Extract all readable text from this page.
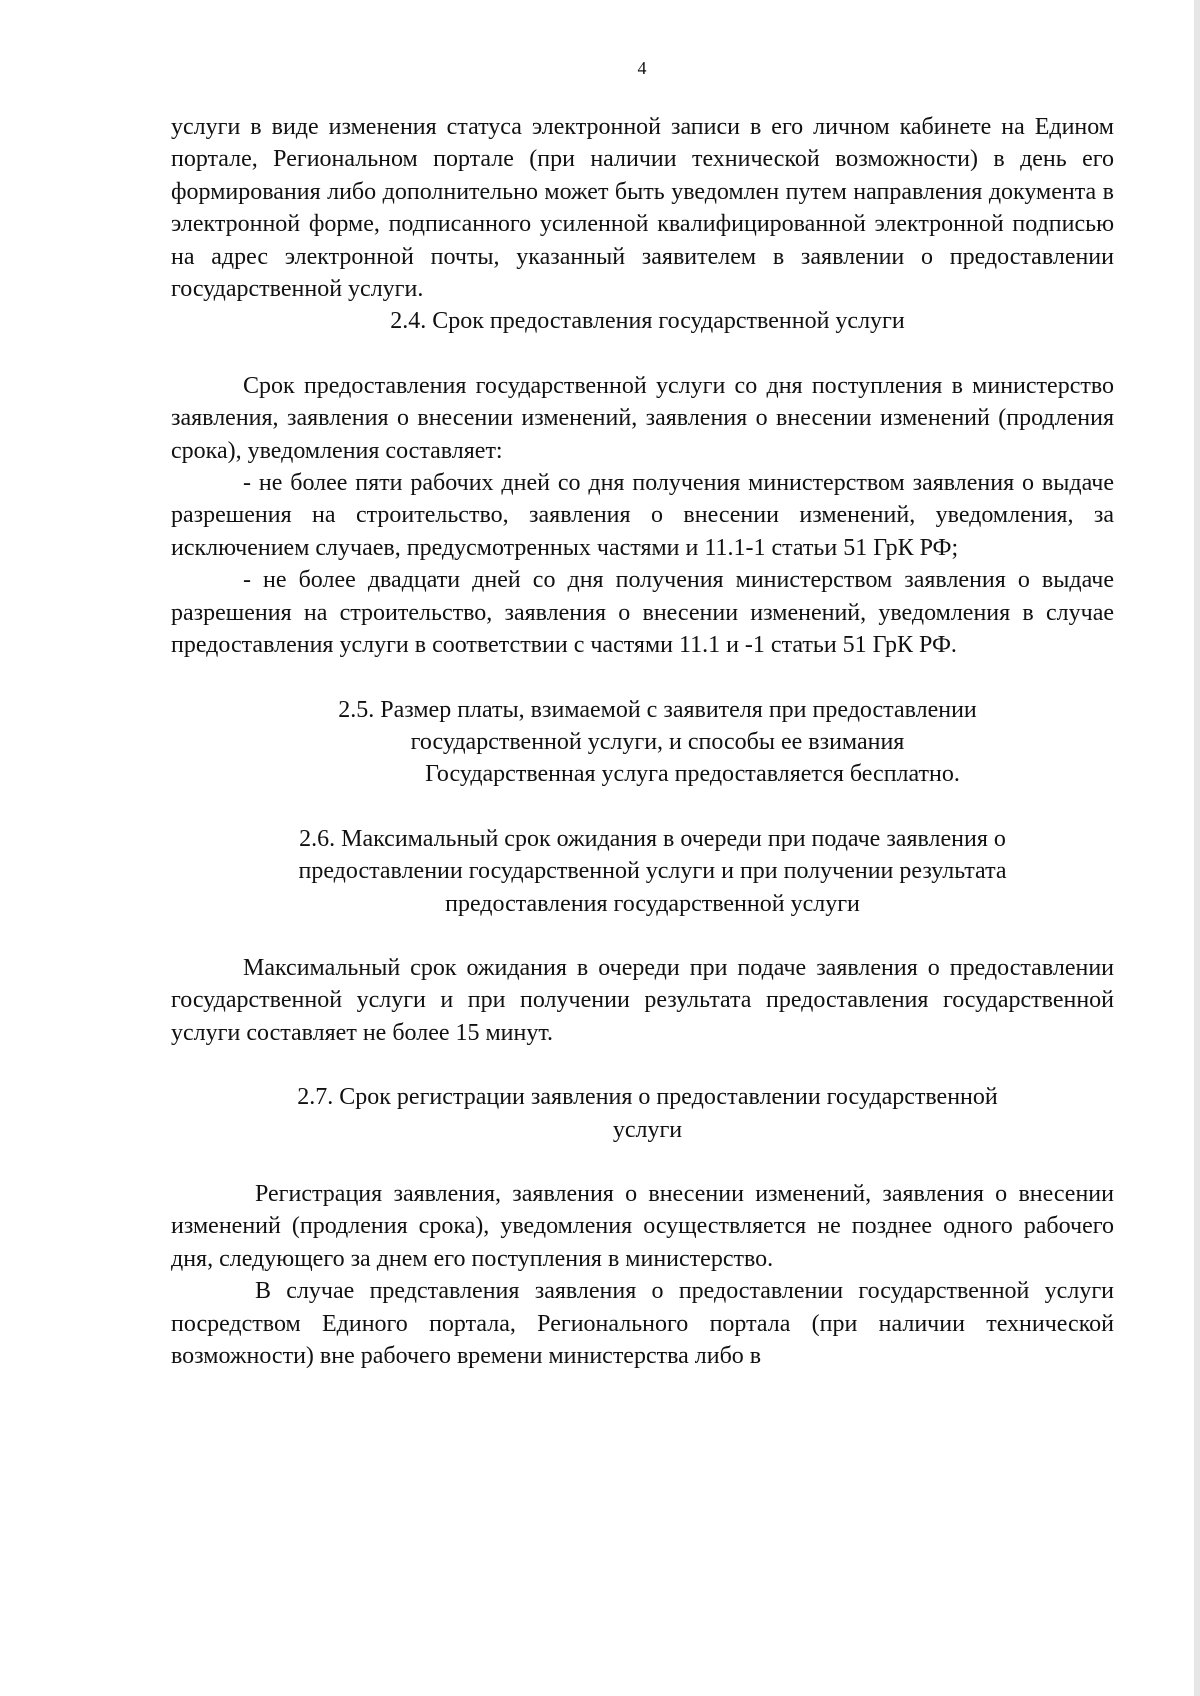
4

услуги в виде изменения статуса электронной записи в его личном кабинете на Едином портале, Региональном портале (при наличии технической возможности) в день его формирования либо дополнительно может быть уведомлен путем направления документа в электронной форме, подписанного усиленной квалифицированной электронной подписью на адрес электронной почты, указанный заявителем в заявлении о предоставлении государственной услуги.

2.4. Срок предоставления государственной услуги

Срок предоставления государственной услуги со дня поступления в министерство заявления, заявления о внесении изменений, заявления о внесении изменений (продления срока), уведомления составляет:

- не более пяти рабочих дней со дня получения министерством заявления о выдаче разрешения на строительство, заявления о внесении изменений, уведомления, за исключением случаев, предусмотренных частями и 11.1-1 статьи 51 ГрК РФ;

- не более двадцати дней со дня получения министерством заявления о выдаче разрешения на строительство, заявления о внесении изменений, уведомления в случае предоставления услуги в соответствии с частями 11.1 и -1 статьи 51 ГрК РФ.

2.5. Размер платы, взимаемой с заявителя при предоставлении

государственной услуги, и способы ее взимания

Государственная услуга предоставляется бесплатно.

2.6. Максимальный срок ожидания в очереди при подаче заявления о

предоставлении государственной услуги и при получении результата

предоставления государственной услуги

Максимальный срок ожидания в очереди при подаче заявления о предоставлении государственной услуги и при получении результата предоставления государственной услуги составляет не более 15 минут.

2.7. Срок регистрации заявления о предоставлении государственной

услуги

Регистрация заявления, заявления о внесении изменений, заявления о внесении изменений (продления срока), уведомления осуществляется не позднее одного рабочего дня, следующего за днем его поступления в министерство.

В случае представления заявления о предоставлении государственной услуги посредством Единого портала, Регионального портала (при наличии технической возможности) вне рабочего времени министерства либо в
